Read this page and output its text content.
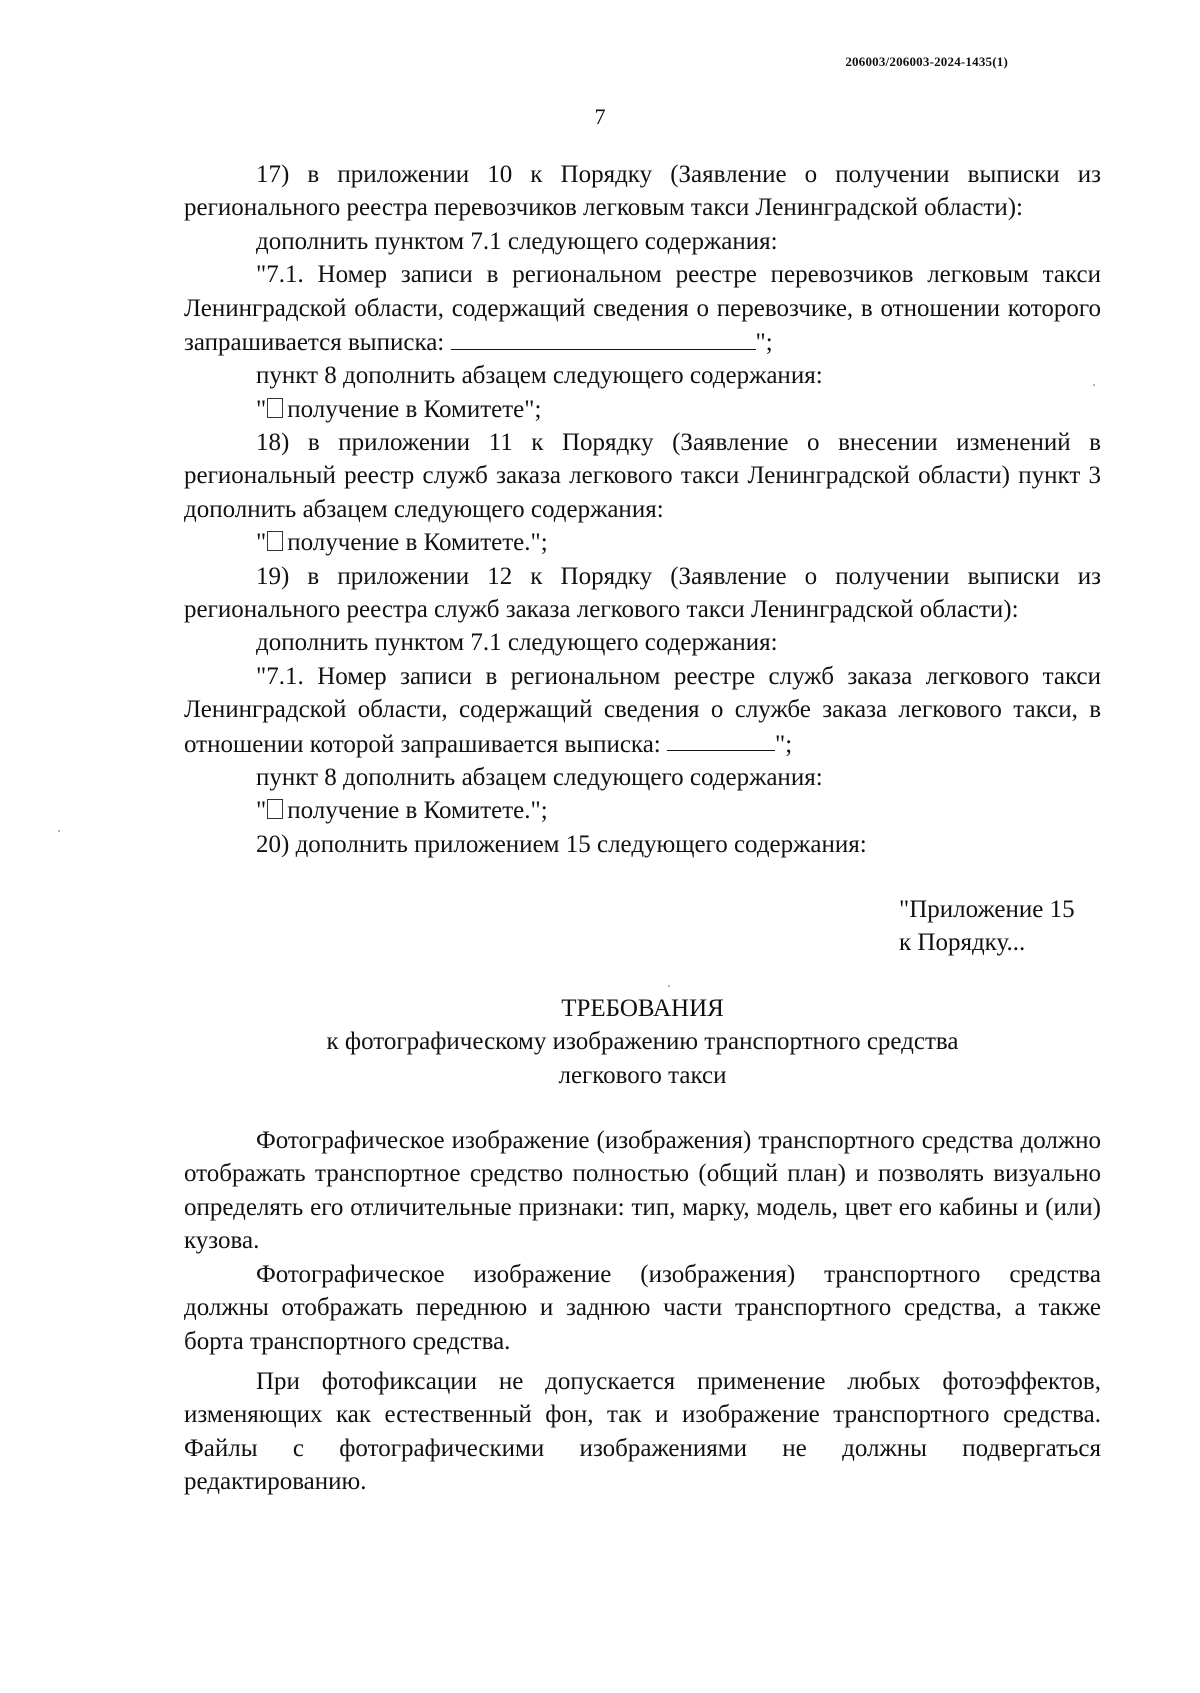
206003/206003-2024-1435(1)
7

17) в приложении 10 к Порядку (Заявление о получении выписки из регионального реестра перевозчиков легковым такси Ленинградской области):

дополнить пунктом 7.1 следующего содержания:

"7.1. Номер записи в региональном реестре перевозчиков легковым такси Ленинградской области, содержащий сведения о перевозчике, в отношении которого запрашивается выписка:	";

пункт 8 дополнить абзацем следующего содержания:

" получение в Комитете";

18) в приложении 11 к Порядку (Заявление о внесении изменений в региональный реестр служб заказа легкового такси Ленинградской области) пункт 3 дополнить абзацем следующего содержания:

" получение в Комитете.";

19) в приложении 12 к Порядку (Заявление о получении выписки из регионального реестра служб заказа легкового такси Ленинградской области):

дополнить пунктом 7.1 следующего содержания:

"7.1. Номер записи в региональном реестре служб заказа легкового такси Ленинградской области, содержащий сведения о службе заказа легкового такси, в отношении которой запрашивается выписка:	";

пункт 8 дополнить абзацем следующего содержания:

" получение в Комитете.";

20) дополнить приложением 15 следующего содержания:

"Приложение 15
к Порядку...
ТРЕБОВАНИЯ
к фотографическому изображению транспортного средства
легкового такси

Фотографическое изображение (изображения) транспортного средства должно отображать транспортное средство полностью (общий план) и позволять визуально определять его отличительные признаки: тип, марку, модель, цвет его кабины и (или) кузова.

Фотографическое изображение (изображения) транспортного средства должны отображать переднюю и заднюю части транспортного средства, а также борта транспортного средства.

При фотофиксации не допускается применение любых фотоэффектов, изменяющих как естественный фон, так и изображение транспортного средства. Файлы с фотографическими изображениями не должны подвергаться редактированию.
